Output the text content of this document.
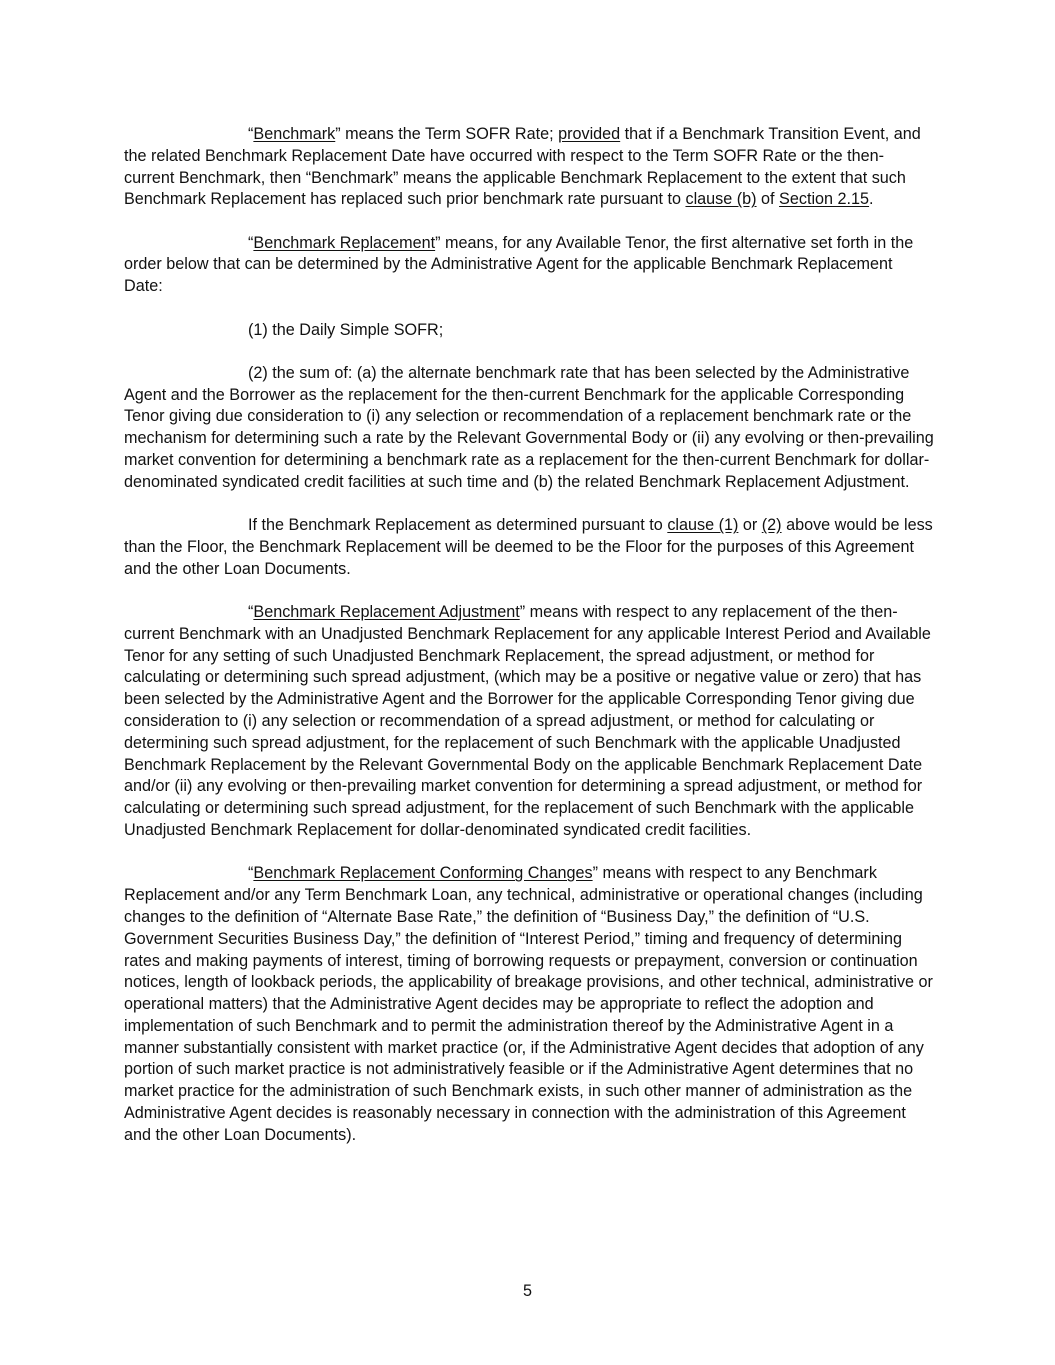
“Benchmark” means the Term SOFR Rate; provided that if a Benchmark Transition Event, and the related Benchmark Replacement Date have occurred with respect to the Term SOFR Rate or the then-current Benchmark, then “Benchmark” means the applicable Benchmark Replacement to the extent that such Benchmark Replacement has replaced such prior benchmark rate pursuant to clause (b) of Section 2.15.

“Benchmark Replacement” means, for any Available Tenor, the first alternative set forth in the order below that can be determined by the Administrative Agent for the applicable Benchmark Replacement Date:

(1) the Daily Simple SOFR;

(2) the sum of: (a) the alternate benchmark rate that has been selected by the Administrative Agent and the Borrower as the replacement for the then-current Benchmark for the applicable Corresponding Tenor giving due consideration to (i) any selection or recommendation of a replacement benchmark rate or the mechanism for determining such a rate by the Relevant Governmental Body or (ii) any evolving or then-prevailing market convention for determining a benchmark rate as a replacement for the then-current Benchmark for dollar-denominated syndicated credit facilities at such time and (b) the related Benchmark Replacement Adjustment.

If the Benchmark Replacement as determined pursuant to clause (1) or (2) above would be less than the Floor, the Benchmark Replacement will be deemed to be the Floor for the purposes of this Agreement and the other Loan Documents.

“Benchmark Replacement Adjustment” means with respect to any replacement of the then-current Benchmark with an Unadjusted Benchmark Replacement for any applicable Interest Period and Available Tenor for any setting of such Unadjusted Benchmark Replacement, the spread adjustment, or method for calculating or determining such spread adjustment, (which may be a positive or negative value or zero) that has been selected by the Administrative Agent and the Borrower for the applicable Corresponding Tenor giving due consideration to (i) any selection or recommendation of a spread adjustment, or method for calculating or determining such spread adjustment, for the replacement of such Benchmark with the applicable Unadjusted Benchmark Replacement by the Relevant Governmental Body on the applicable Benchmark Replacement Date and/or (ii) any evolving or then-prevailing market convention for determining a spread adjustment, or method for calculating or determining such spread adjustment, for the replacement of such Benchmark with the applicable Unadjusted Benchmark Replacement for dollar-denominated syndicated credit facilities.

“Benchmark Replacement Conforming Changes” means with respect to any Benchmark Replacement and/or any Term Benchmark Loan, any technical, administrative or operational changes (including changes to the definition of “Alternate Base Rate,” the definition of “Business Day,” the definition of “U.S. Government Securities Business Day,” the definition of “Interest Period,” timing and frequency of determining rates and making payments of interest, timing of borrowing requests or prepayment, conversion or continuation notices, length of lookback periods, the applicability of breakage provisions, and other technical, administrative or operational matters) that the Administrative Agent decides may be appropriate to reflect the adoption and implementation of such Benchmark and to permit the administration thereof by the Administrative Agent in a manner substantially consistent with market practice (or, if the Administrative Agent decides that adoption of any portion of such market practice is not administratively feasible or if the Administrative Agent determines that no market practice for the administration of such Benchmark exists, in such other manner of administration as the Administrative Agent decides is reasonably necessary in connection with the administration of this Agreement and the other Loan Documents).

5
